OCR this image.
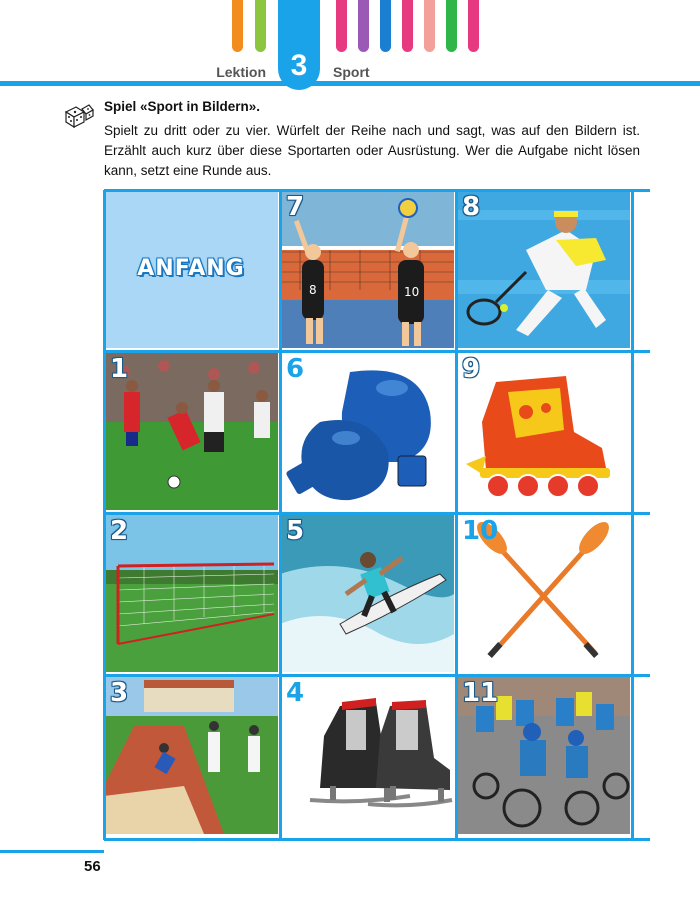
Lektion 3 Sport
Spiel «Sport in Bildern».
Spielt zu dritt oder zu vier. Würfelt der Reihe nach und sagt, was auf den Bildern ist. Erzählt auch kurz über diese Sportarten oder Ausrüstung. Wer die Aufgabe nicht lösen kann, setzt eine Runde aus.
ANFANG
8	10
7	8
1	6	9
2	5	10
3	4	11
56
